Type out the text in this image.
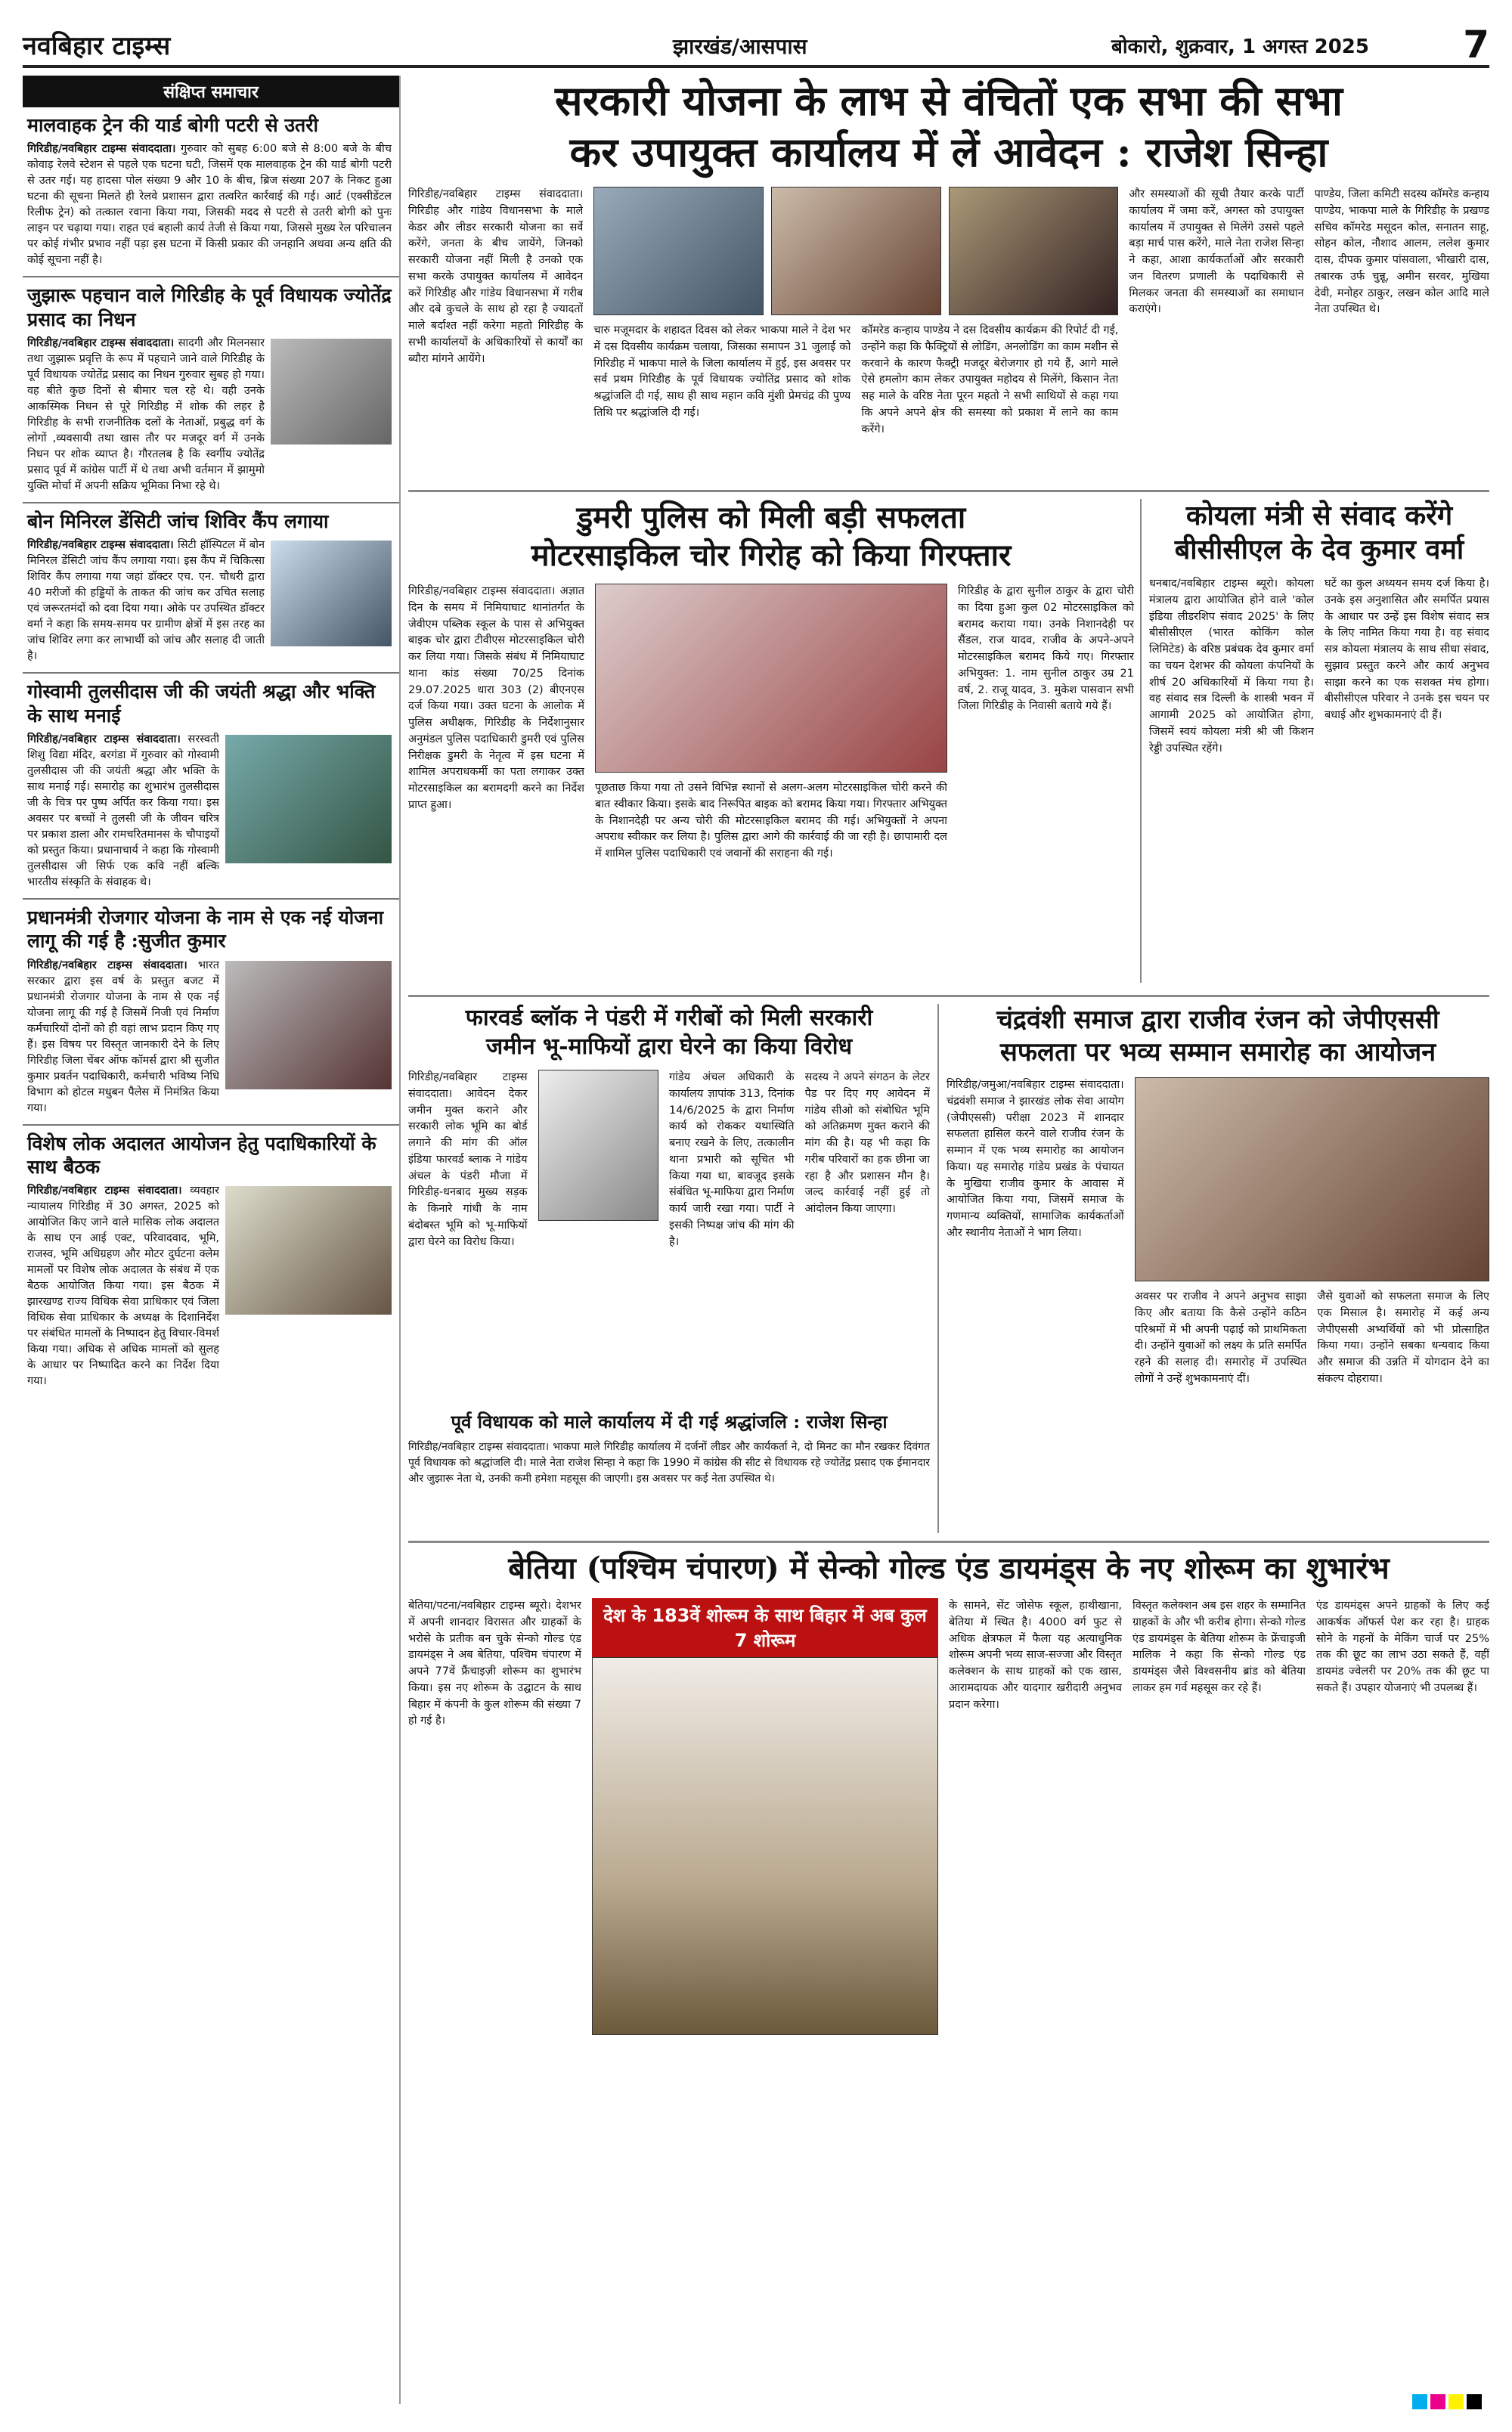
नवबिहार टाइम्स	झारखंड/आसपास	बोकारो, शुक्रवार, 1 अगस्त 2025 7
संक्षिप्त समाचार
मालवाहक ट्रेन की यार्ड बोगी पटरी से उतरी

गिरिडीह/नवबिहार टाइम्स संवाददाता। गुरुवार को सुबह 6:00 बजे से 8:00 बजे के बीच कोवाड़ रेलवे स्टेशन से पहले एक घटना घटी, जिसमें एक मालवाहक ट्रेन की यार्ड बोगी पटरी से उतर गई। यह हादसा पोल संख्या 9 और 10 के बीच, ब्रिज संख्या 207 के निकट हुआ घटना की सूचना मिलते ही रेलवे प्रशासन द्वारा तत्वरित कार्रवाई की गई। आर्ट (एक्सीडेंटल रिलीफ ट्रेन) को तत्काल रवाना किया गया, जिसकी मदद से पटरी से उतरी बोगी को पुनः लाइन पर चढ़ाया गया। राहत एवं बहाली कार्य तेजी से किया गया, जिससे मुख्य रेल परिचालन पर कोई गंभीर प्रभाव नहीं पड़ा इस घटना में किसी प्रकार की जनहानि अथवा अन्य क्षति की कोई सूचना नहीं है।

जुझारू पहचान वाले गिरिडीह के पूर्व विधायक ज्योतेंद्र प्रसाद का निधन

गिरिडीह/नवबिहार टाइम्स संवाददाता। सादगी और मिलनसार तथा जुझारू प्रवृत्ति के रूप में पहचाने जाने वाले गिरिडीह के पूर्व विधायक ज्योतेंद्र प्रसाद का निधन गुरुवार सुबह हो गया। वह बीते कुछ दिनों से बीमार चल रहे थे। वही उनके आकस्मिक निधन से पूरे गिरिडीह में शोक की लहर है गिरिडीह के सभी राजनीतिक दलों के नेताओं, प्रबुद्ध वर्ग के लोगों ,व्यवसायी तथा खास तौर पर मजदूर वर्ग में उनके निधन पर शोक व्याप्त है। गौरतलब है कि स्वर्गीय ज्योतेंद्र प्रसाद पूर्व में कांग्रेस पार्टी में थे तथा अभी वर्तमान में झामुमो युक्ति मोर्चा में अपनी सक्रिय भूमिका निभा रहे थे।

बोन मिनिरल डेंसिटी जांच शिविर कैंप लगाया

गिरिडीह/नवबिहार टाइम्स संवाददाता। सिटी हॉस्पिटल में बोन मिनिरल डेंसिटी जांच कैंप लगाया गया। इस कैंप में चिकित्सा शिविर कैंप लगाया गया जहां डॉक्टर एच. एन. चौधरी द्वारा 40 मरीजों की हड्डियों के ताकत की जांच कर उचित सलाह एवं जरूरतमंदों को दवा दिया गया। ओके पर उपस्थित डॉक्टर वर्मा ने कहा कि समय-समय पर ग्रामीण क्षेत्रों में इस तरह का जांच शिविर लगा कर लाभार्थी को जांच और सलाह दी जाती है।

गोस्वामी तुलसीदास जी की जयंती श्रद्धा और भक्ति के साथ मनाई

गिरिडीह/नवबिहार टाइम्स संवाददाता। सरस्वती शिशु विद्या मंदिर, बरगंडा में गुरुवार को गोस्वामी तुलसीदास जी की जयंती श्रद्धा और भक्ति के साथ मनाई गई। समारोह का शुभारंभ तुलसीदास जी के चित्र पर पुष्प अर्पित कर किया गया। इस अवसर पर बच्चों ने तुलसी जी के जीवन चरित्र पर प्रकाश डाला और रामचरितमानस के चौपाइयों को प्रस्तुत किया। प्रधानाचार्य ने कहा कि गोस्वामी तुलसीदास जी सिर्फ एक कवि नहीं बल्कि भारतीय संस्कृति के संवाहक थे।

प्रधानमंत्री रोजगार योजना के नाम से एक नई योजना लागू की गई है :सुजीत कुमार

गिरिडीह/नवबिहार टाइम्स संवाददाता। भारत सरकार द्वारा इस वर्ष के प्रस्तुत बजट में प्रधानमंत्री रोजगार योजना के नाम से एक नई योजना लागू की गई है जिसमें निजी एवं निर्माण कर्मचारियों दोनों को ही वहां लाभ प्रदान किए गए हैं। इस विषय पर विस्तृत जानकारी देने के लिए गिरिडीह जिला चेंबर ऑफ कॉमर्स द्वारा श्री सुजीत कुमार प्रवर्तन पदाधिकारी, कर्मचारी भविष्य निधि विभाग को होटल मधुबन पैलेस में निमंत्रित किया गया।

विशेष लोक अदालत आयोजन हेतु पदाधिकारियों के साथ बैठक

गिरिडीह/नवबिहार टाइम्स संवाददाता। व्यवहार न्यायालय गिरिडीह में 30 अगस्त, 2025 को आयोजित किए जाने वाले मासिक लोक अदालत के साथ एन आई एक्ट, परिवादवाद, भूमि, राजस्व, भूमि अधिग्रहण और मोटर दुर्घटना क्लेम मामलों पर विशेष लोक अदालत के संबंध में एक बैठक आयोजित किया गया। इस बैठक में झारखण्ड राज्य विधिक सेवा प्राधिकार एवं जिला विधिक सेवा प्राधिकार के अध्यक्ष के दिशानिर्देश पर संबंधित मामलों के निष्पादन हेतु विचार-विमर्श किया गया। अधिक से अधिक मामलों को सुलह के आधार पर निष्पादित करने का निर्देश दिया गया।

सरकारी योजना के लाभ से वंचितों एक सभा की सभा
कर उपायुक्त कार्यालय में लें आवेदन : राजेश सिन्हा
गिरिडीह/नवबिहार टाइम्स संवाददाता। गिरिडीह और गांडेय विधानसभा के माले केडर और लीडर सरकारी योजना का सर्वे करेंगे, जनता के बीच जायेंगे, जिनको सरकारी योजना नहीं मिली है उनको एक सभा करके उपायुक्त कार्यालय में आवेदन करें गिरिडीह और गांडेय विधानसभा में गरीब और दबे कुचले के साथ हो रहा है ज्यादतों माले बर्दाश्त नहीं करेगा महतो गिरिडीह के सभी कार्यालयों के अधिकारियों से कार्यों का ब्यौरा मांगने आयेंगे।
चारु मजूमदार के शहादत दिवस को लेकर भाकपा माले ने देश भर में दस दिवसीय कार्यक्रम चलाया, जिसका समापन 31 जुलाई को गिरिडीह में भाकपा माले के जिला कार्यालय में हुई, इस अवसर पर सर्व प्रथम गिरिडीह के पूर्व विधायक ज्योतिंद्र प्रसाद को शोक श्रद्धांजलि दी गई, साथ ही साथ महान कवि मुंशी प्रेमचंद्र की पुण्य तिथि पर श्रद्धांजलि दी गई।
कॉमरेड कन्हाय पाण्डेय ने दस दिवसीय कार्यक्रम की रिपोर्ट दी गई, उन्होंने कहा कि फैक्ट्रियों से लोडिंग, अनलोडिंग का काम मशीन से करवाने के कारण फैक्ट्री मजदूर बेरोजगार हो गये हैं, आगे माले ऐसे हमलोग काम लेकर उपायुक्त महोदय से मिलेंगे, किसान नेता सह माले के वरिष्ठ नेता पूरन महतो ने सभी साथियों से कहा गया कि अपने अपने क्षेत्र की समस्या को प्रकाश में लाने का काम करेंगे।
और समस्याओं की सूची तैयार करके पार्टी कार्यालय में जमा करें, अगस्त को उपायुक्त कार्यालय में उपायुक्त से मिलेंगे उससे पहले बड़ा मार्च पास करेंगे, माले नेता राजेश सिन्हा ने कहा, आशा कार्यकर्ताओं और सरकारी जन वितरण प्रणाली के पदाधिकारी से मिलकर जनता की समस्याओं का समाधान कराएंगे।
पाण्डेय, जिला कमिटी सदस्य कॉमरेड कन्हाय पाण्डेय, भाकपा माले के गिरिडीह के प्रखण्ड सचिव कॉमरेड मसूदन कोल, सनातन साहू, सोहन कोल, नौशाद आलम, ललेश कुमार दास, दीपक कुमार पांसवाला, भीखारी दास, तबारक उर्फ चुन्नू, अमीन सरवर, मुखिया देवी, मनोहर ठाकुर, लखन कोल आदि माले नेता उपस्थित थे।
डुमरी पुलिस को मिली बड़ी सफलता
मोटरसाइकिल चोर गिरोह को किया गिरफ्तार
गिरिडीह/नवबिहार टाइम्स संवाददाता। अज्ञात दिन के समय में निमियाघाट थानांतर्गत के जेवीएम पब्लिक स्कूल के पास से अभियुक्त बाइक चोर द्वारा टीवीएस मोटरसाइकिल चोरी कर लिया गया। जिसके संबंध में निमियाघाट थाना कांड संख्या 70/25 दिनांक 29.07.2025 धारा 303 (2) बीएनएस दर्ज किया गया। उक्त घटना के आलोक में पुलिस अधीक्षक, गिरिडीह के निर्देशानुसार अनुमंडल पुलिस पदाधिकारी डुमरी एवं पुलिस निरीक्षक डुमरी के नेतृत्व में इस घटना में शामिल अपराधकर्मी का पता लगाकर उक्त मोटरसाइकिल का बरामदगी करने का निर्देश प्राप्त हुआ।
पूछताछ किया गया तो उसने विभिन्न स्थानों से अलग-अलग मोटरसाइकिल चोरी करने की बात स्वीकार किया। इसके बाद निरूपित बाइक को बरामद किया गया। गिरफ्तार अभियुक्त के निशानदेही पर अन्य चोरी की मोटरसाइकिल बरामद की गई। अभियुक्तों ने अपना अपराध स्वीकार कर लिया है। पुलिस द्वारा आगे की कार्रवाई की जा रही है। छापामारी दल में शामिल पुलिस पदाधिकारी एवं जवानों की सराहना की गई।
गिरिडीह के द्वारा सुनील ठाकुर के द्वारा चोरी का दिया हुआ कुल 02 मोटरसाइकिल को बरामद कराया गया। उनके निशानदेही पर सैंडल, राज यादव, राजीव के अपने-अपने मोटरसाइकिल बरामद किये गए। गिरफ्तार अभियुक्त: 1. नाम सुनील ठाकुर उम्र 21 वर्ष, 2. राजू यादव, 3. मुकेश पासवान सभी जिला गिरिडीह के निवासी बताये गये हैं।
कोयला मंत्री से संवाद करेंगे
बीसीसीएल के देव कुमार वर्मा
धनबाद/नवबिहार टाइम्स ब्यूरो। कोयला मंत्रालय द्वारा आयोजित होने वाले 'कोल इंडिया लीडरशिप संवाद 2025' के लिए बीसीसीएल (भारत कोकिंग कोल लिमिटेड) के वरिष्ठ प्रबंधक देव कुमार वर्मा का चयन देशभर की कोयला कंपनियों के शीर्ष 20 अधिकारियों में किया गया है। वह संवाद सत्र दिल्ली के शास्त्री भवन में आगामी 2025 को आयोजित होगा, जिसमें स्वयं कोयला मंत्री श्री जी किशन रेड्डी उपस्थित रहेंगे।
घटें का कुल अध्ययन समय दर्ज किया है। उनके इस अनुशासित और समर्पित प्रयास के आधार पर उन्हें इस विशेष संवाद सत्र के लिए नामित किया गया है। वह संवाद सत्र कोयला मंत्रालय के साथ सीधा संवाद, सुझाव प्रस्तुत करने और कार्य अनुभव साझा करने का एक सशक्त मंच होगा। बीसीसीएल परिवार ने उनके इस चयन पर बधाई और शुभकामनाएं दी हैं।
फारवर्ड ब्लॉक ने पंडरी में गरीबों को मिली सरकारी
जमीन भू-माफियों द्वारा घेरने का किया विरोध
गिरिडीह/नवबिहार टाइम्स संवाददाता। आवेदन देकर जमीन मुक्त कराने और सरकारी लोक भूमि का बोर्ड लगाने की मांग की ऑल इंडिया फारवर्ड ब्लाक ने गांडेय अंचल के पंडरी मौजा में गिरिडीह-धनबाद मुख्य सड़क के किनारे गांधी के नाम बंदोबस्त भूमि को भू-माफियों द्वारा घेरने का विरोध किया।
गांडेय अंचल अधिकारी के कार्यालय ज्ञापांक 313, दिनांक 14/6/2025 के द्वारा निर्माण कार्य को रोककर यथास्थिति बनाए रखने के लिए, तत्कालीन थाना प्रभारी को सूचित भी किया गया था, बावजूद इसके संबंधित भू-माफिया द्वारा निर्माण कार्य जारी रखा गया। पार्टी ने इसकी निष्पक्ष जांच की मांग की है।
सदस्य ने अपने संगठन के लेटर पैड पर दिए गए आवेदन में गांडेय सीओ को संबोधित भूमि को अतिक्रमण मुक्त कराने की मांग की है। यह भी कहा कि गरीब परिवारों का हक छीना जा रहा है और प्रशासन मौन है। जल्द कार्रवाई नहीं हुई तो आंदोलन किया जाएगा।
पूर्व विधायक को माले कार्यालय में दी गई श्रद्धांजलि : राजेश सिन्हा
गिरिडीह/नवबिहार टाइम्स संवाददाता। भाकपा माले गिरिडीह कार्यालय में दर्जनों लीडर और कार्यकर्ता ने, दो मिनट का मौन रखकर दिवंगत पूर्व विधायक को श्रद्धांजलि दी। माले नेता राजेश सिन्हा ने कहा कि 1990 में कांग्रेस की सीट से विधायक रहे ज्योतेंद्र प्रसाद एक ईमानदार और जुझारू नेता थे, उनकी कमी हमेशा महसूस की जाएगी। इस अवसर पर कई नेता उपस्थित थे।
चंद्रवंशी समाज द्वारा राजीव रंजन को जेपीएससी
सफलता पर भव्य सम्मान समारोह का आयोजन
गिरिडीह/जमुआ/नवबिहार टाइम्स संवाददाता। चंद्रवंशी समाज ने झारखंड लोक सेवा आयोग (जेपीएससी) परीक्षा 2023 में शानदार सफलता हासिल करने वाले राजीव रंजन के सम्मान में एक भव्य समारोह का आयोजन किया। यह समारोह गांडेय प्रखंड के पंचायत के मुखिया राजीव कुमार के आवास में आयोजित किया गया, जिसमें समाज के गणमान्य व्यक्तियों, सामाजिक कार्यकर्ताओं और स्थानीय नेताओं ने भाग लिया।
अवसर पर राजीव ने अपने अनुभव साझा किए और बताया कि कैसे उन्होंने कठिन परिश्रमों में भी अपनी पढ़ाई को प्राथमिकता दी। उन्होंने युवाओं को लक्ष्य के प्रति समर्पित रहने की सलाह दी। समारोह में उपस्थित लोगों ने उन्हें शुभकामनाएं दीं।
जैसे युवाओं को सफलता समाज के लिए एक मिसाल है। समारोह में कई अन्य जेपीएससी अभ्यर्थियों को भी प्रोत्साहित किया गया। उन्होंने सबका धन्यवाद किया और समाज की उन्नति में योगदान देने का संकल्प दोहराया।
बेतिया (पश्चिम चंपारण) में सेन्को गोल्ड एंड डायमंड्स के नए शोरूम का शुभारंभ
बेतिया/पटना/नवबिहार टाइम्स ब्यूरो। देशभर में अपनी शानदार विरासत और ग्राहकों के भरोसे के प्रतीक बन चुके सेन्को गोल्ड एंड डायमंड्स ने अब बेतिया, पश्चिम चंपारण में अपने 77वें फ्रैंचाइज़ी शोरूम का शुभारंभ किया। इस नए शोरूम के उद्घाटन के साथ बिहार में कंपनी के कुल शोरूम की संख्या 7 हो गई है।
देश के 183वें शोरूम के साथ बिहार में अब कुल 7 शोरूम
के सामने, सेंट जोसेफ स्कूल, हाथीखाना, बेतिया में स्थित है। 4000 वर्ग फुट से अधिक क्षेत्रफल में फैला यह अत्याधुनिक शोरूम अपनी भव्य साज-सज्जा और विस्तृत कलेक्शन के साथ ग्राहकों को एक खास, आरामदायक और यादगार खरीदारी अनुभव प्रदान करेगा।
विस्तृत कलेक्शन अब इस शहर के सम्मानित ग्राहकों के और भी करीब होगा। सेन्को गोल्ड एंड डायमंड्स के बेतिया शोरूम के फ्रेंचाइजी मालिक ने कहा कि सेन्को गोल्ड एंड डायमंड्स जैसे विश्वसनीय ब्रांड को बेतिया लाकर हम गर्व महसूस कर रहे हैं।
एंड डायमंड्स अपने ग्राहकों के लिए कई आकर्षक ऑफर्स पेश कर रहा है। ग्राहक सोने के गहनों के मेकिंग चार्ज पर 25% तक की छूट का लाभ उठा सकते हैं, वहीं डायमंड ज्वेलरी पर 20% तक की छूट पा सकते हैं। उपहार योजनाएं भी उपलब्ध हैं।
